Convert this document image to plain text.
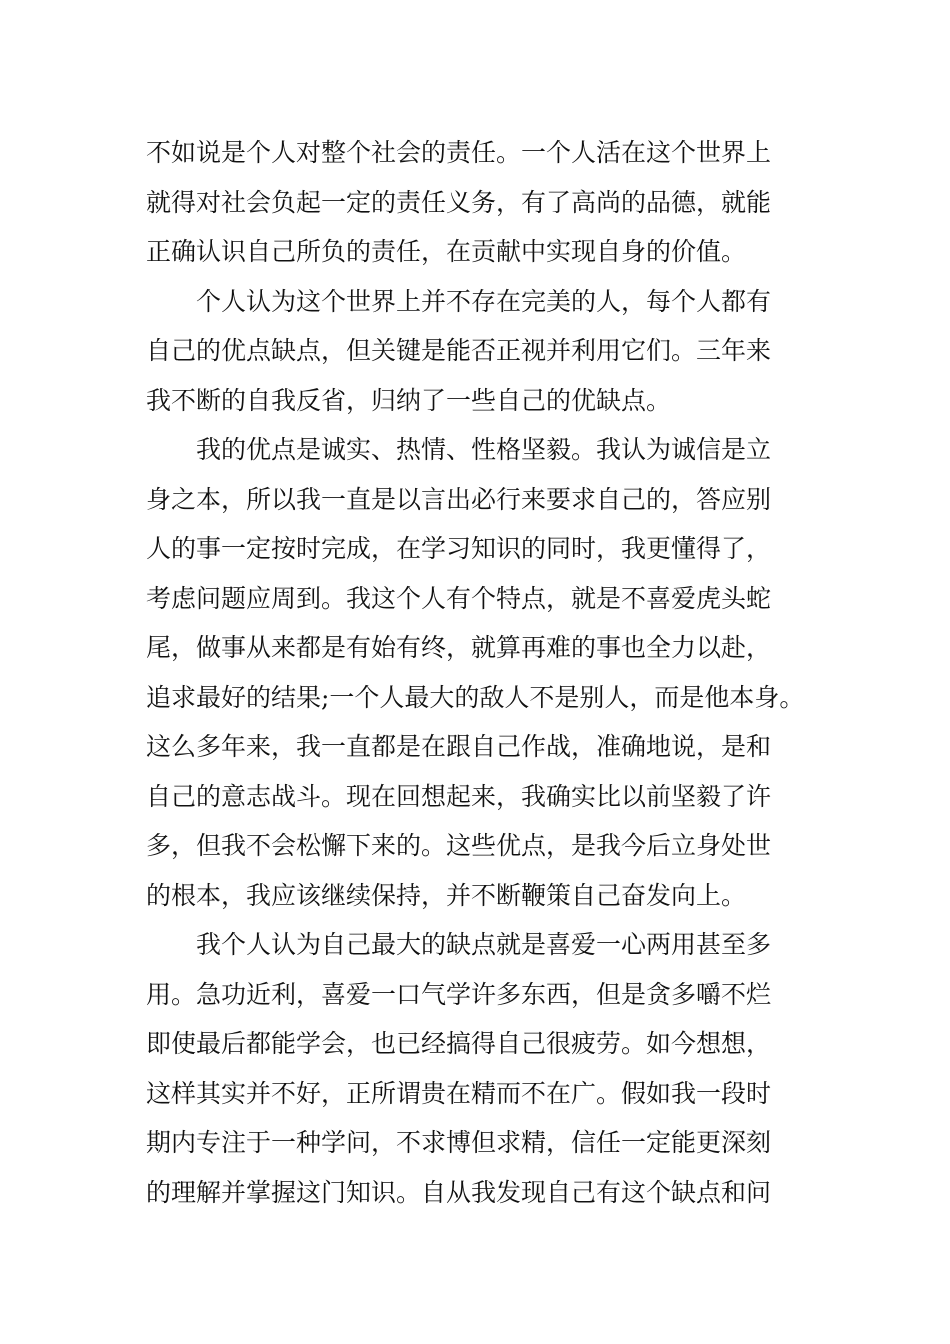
不如说是个人对整个社会的责任。一个人活在这个世界上
就得对社会负起一定的责任义务，有了高尚的品德，就能
正确认识自己所负的责任，在贡献中实现自身的价值。
个人认为这个世界上并不存在完美的人，每个人都有
自己的优点缺点，但关键是能否正视并利用它们。三年来
我不断的自我反省，归纳了一些自己的优缺点。
我的优点是诚实、热情、性格坚毅。我认为诚信是立
身之本，所以我一直是以言出必行来要求自己的，答应别
人的事一定按时完成，在学习知识的同时，我更懂得了，
考虑问题应周到。我这个人有个特点，就是不喜爱虎头蛇
尾，做事从来都是有始有终，就算再难的事也全力以赴，
追求最好的结果;一个人最大的敌人不是别人，而是他本身。
这么多年来，我一直都是在跟自己作战，准确地说，是和
自己的意志战斗。现在回想起来，我确实比以前坚毅了许
多，但我不会松懈下来的。这些优点，是我今后立身处世
的根本，我应该继续保持，并不断鞭策自己奋发向上。
我个人认为自己最大的缺点就是喜爱一心两用甚至多
用。急功近利，喜爱一口气学许多东西，但是贪多嚼不烂
即使最后都能学会，也已经搞得自己很疲劳。如今想想，
这样其实并不好，正所谓贵在精而不在广。假如我一段时
期内专注于一种学问，不求博但求精，信任一定能更深刻
的理解并掌握这门知识。自从我发现自己有这个缺点和问
